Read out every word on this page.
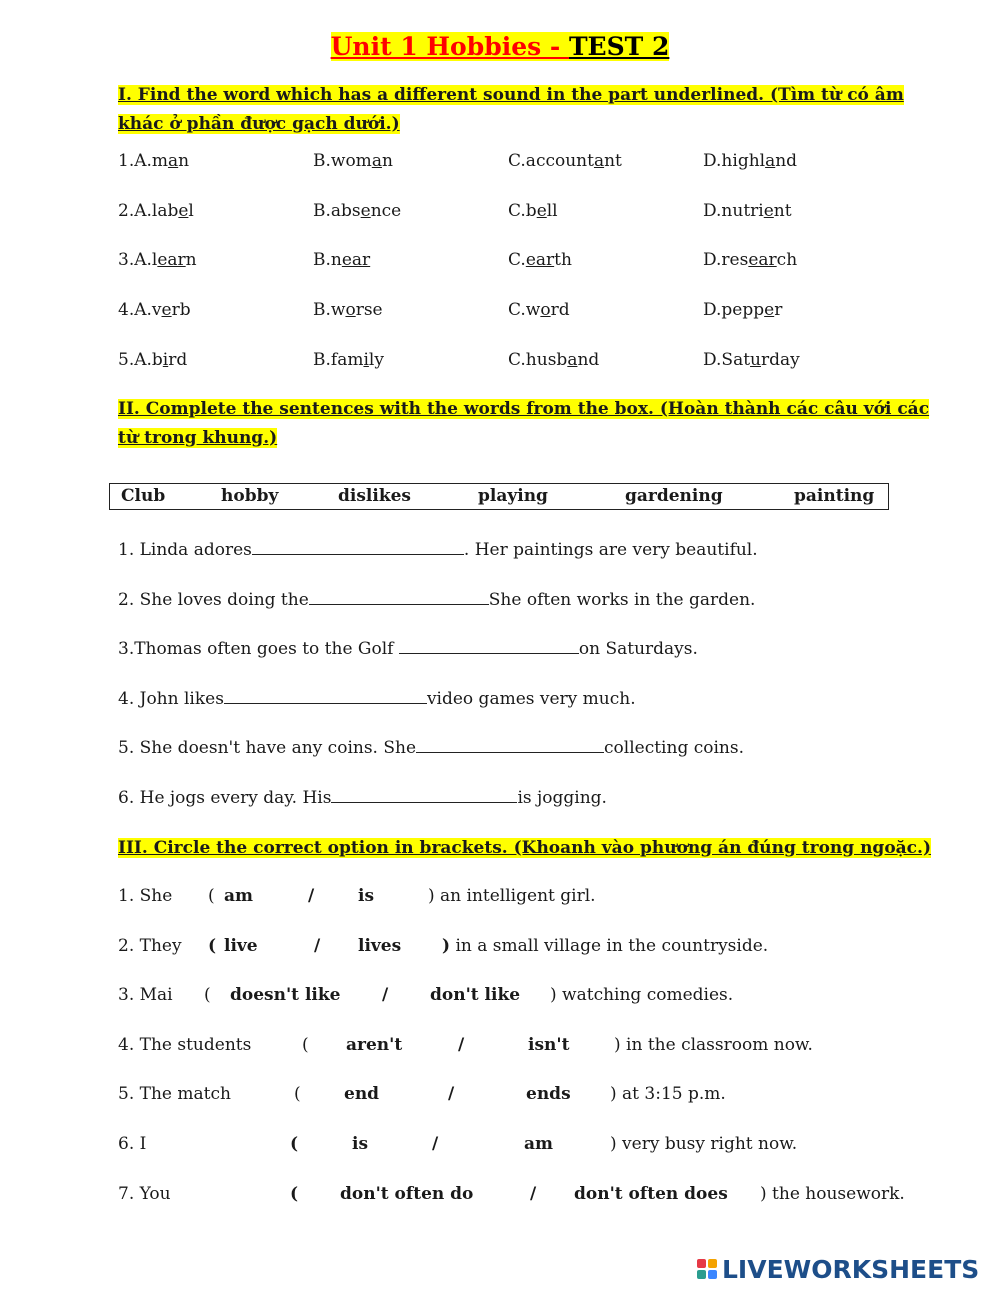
Unit 1 Hobbies - TEST 2
I. Find the word which has a different sound in the part underlined. (Tìm từ có âm khác ở phần được gạch dưới.)
1.A.man	B.woman	C.accountant	D.highland
2.A.label	B.absence	C.bell	D.nutrient
3.A.learn	B.near	C.earth	D.research
4.A.verb	B.worse	C.word	D.pepper
5.A.bird	B.family	C.husband	D.Saturday
II. Complete the sentences with the words from the box. (Hoàn thành các câu với các từ trong khung.)
Club	hobby	dislikes	playing	gardening	painting
1. Linda adores	. Her paintings are very beautiful.
2. She loves doing the	She often works in the garden.
3.Thomas often goes to the Golf	on Saturdays.
4. John likes	video games very much.
5. She doesn't have any coins. She	collecting coins.
6. He jogs every day. His	is jogging.
III. Circle the correct option in brackets. (Khoanh vào phương án đúng trong ngoặc.)
1. She ( am	/	is	) an intelligent girl.
2. They ( live	/ lives ) in a small village in the countryside.
3. Mai ( doesn't like / don't like ) watching comedies.
4. The students	( aren't	/	isn't	) in the classroom now.
5. The match	(	end	/	ends ) at 3:15 p.m.
6. I	(	is	/	am	) very busy right now.
7. You	( don't often do	/ don't often does ) the housework.
LIVEWORKSHEETS
